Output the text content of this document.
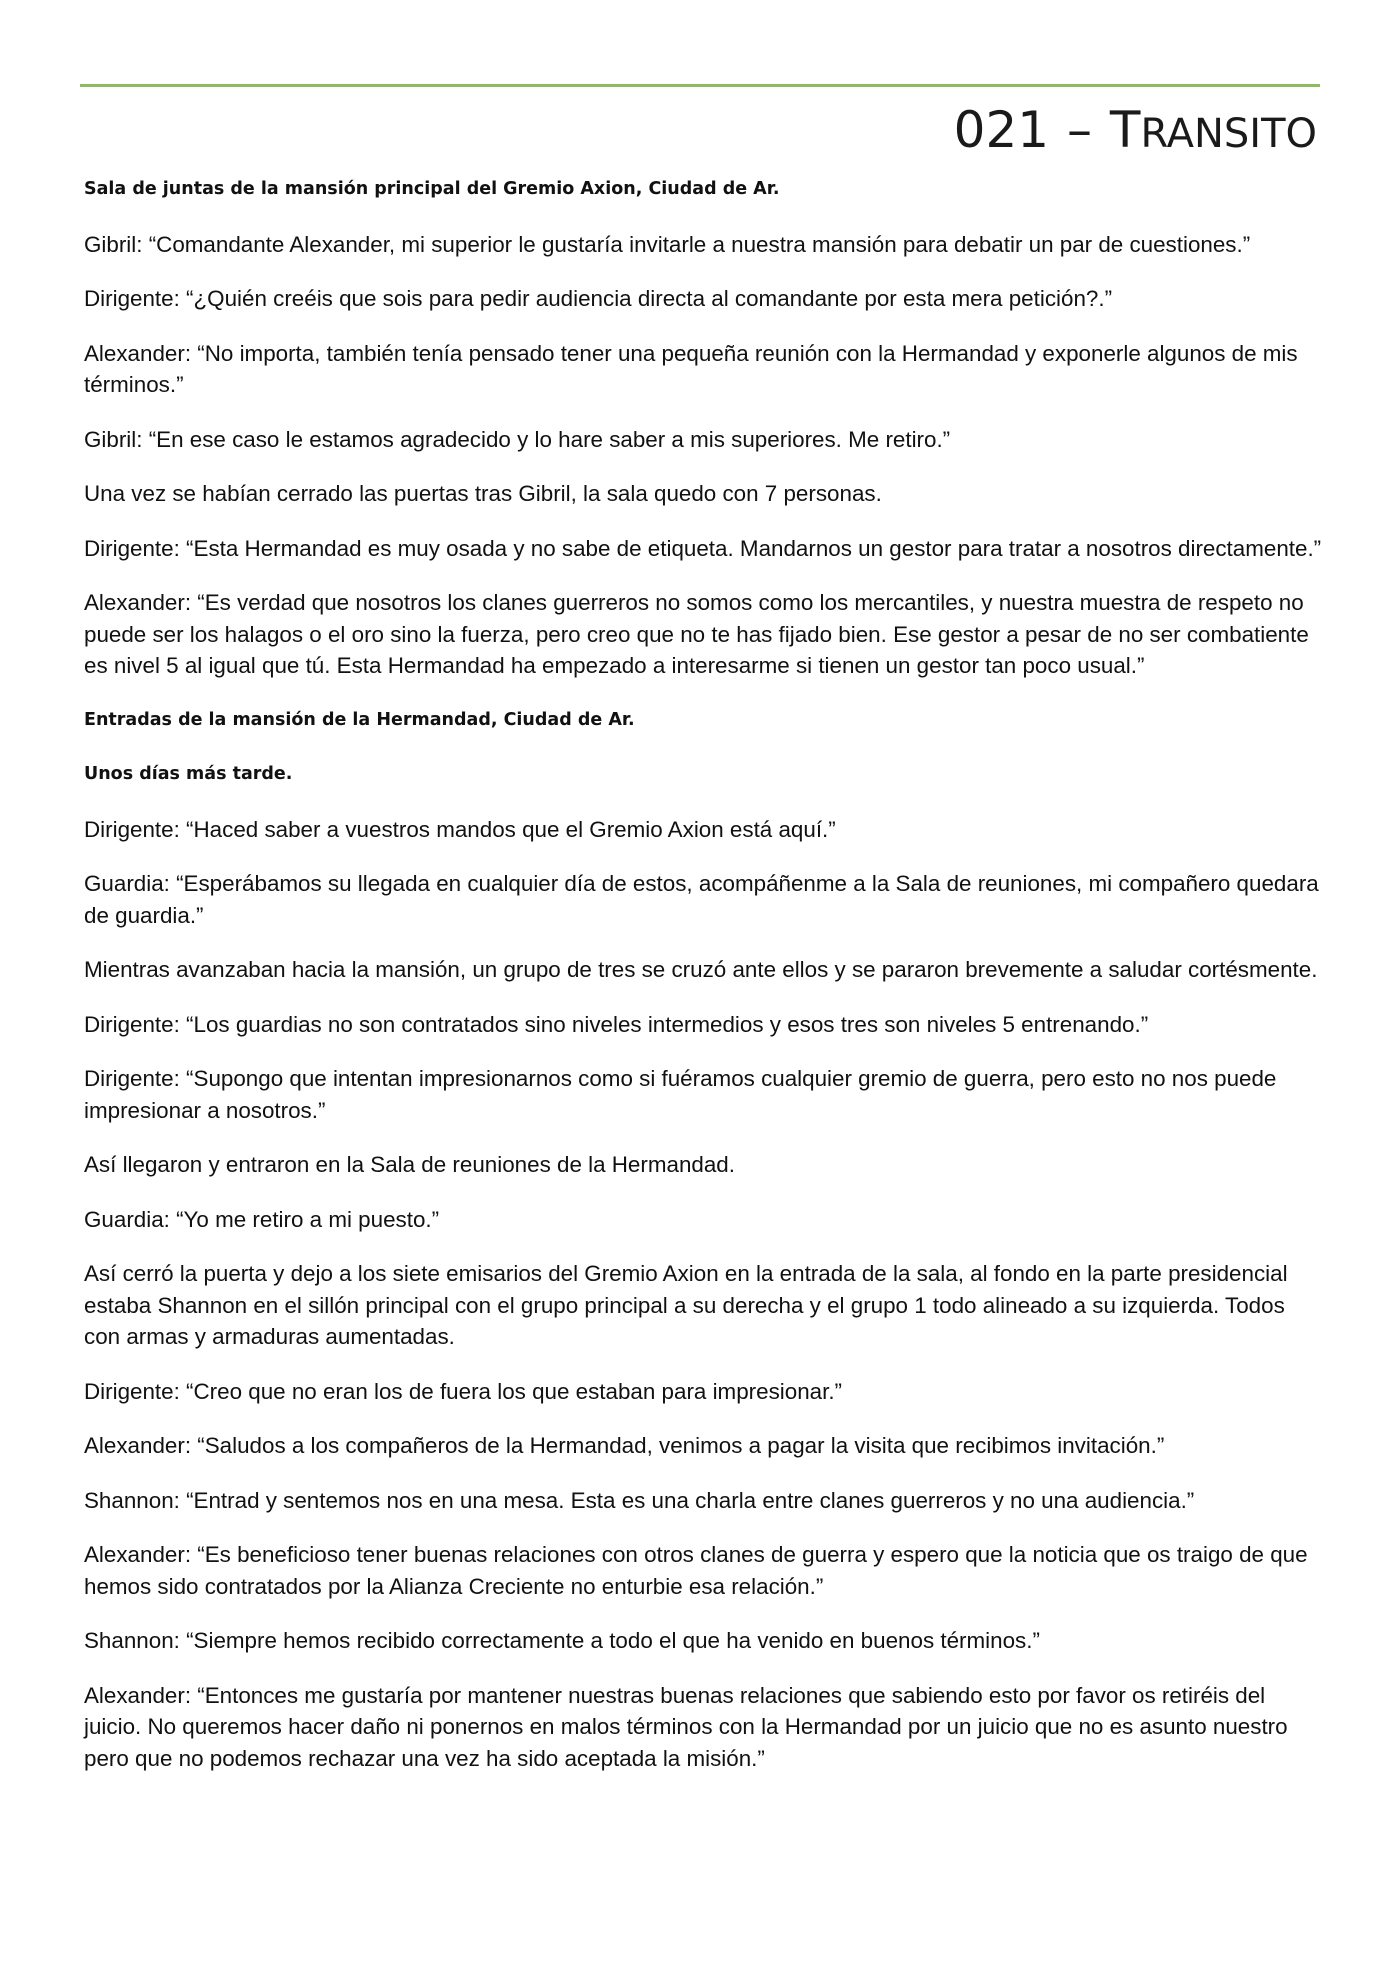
021 – TRANSITO

Sala de juntas de la mansión principal del Gremio Axion, Ciudad de Ar.

Gibril: “Comandante Alexander, mi superior le gustaría invitarle a nuestra mansión para debatir un par de cuestiones.”

Dirigente: “¿Quién creéis que sois para pedir audiencia directa al comandante por esta mera petición?.”

Alexander: “No importa, también tenía pensado tener una pequeña reunión con la Hermandad y exponerle algunos de mis términos.”

Gibril: “En ese caso le estamos agradecido y lo hare saber a mis superiores. Me retiro.”

Una vez se habían cerrado las puertas tras Gibril, la sala quedo con 7 personas.

Dirigente: “Esta Hermandad es muy osada y no sabe de etiqueta. Mandarnos un gestor para tratar a nosotros directamente.”

Alexander: “Es verdad que nosotros los clanes guerreros no somos como los mercantiles, y nuestra muestra de respeto no puede ser los halagos o el oro sino la fuerza, pero creo que no te has fijado bien. Ese gestor a pesar de no ser combatiente es nivel 5 al igual que tú. Esta Hermandad ha empezado a interesarme si tienen un gestor tan poco usual.”

Entradas de la mansión de la Hermandad, Ciudad de Ar.

Unos días más tarde.

Dirigente: “Haced saber a vuestros mandos que el Gremio Axion está aquí.”

Guardia: “Esperábamos su llegada en cualquier día de estos, acompáñenme a la Sala de reuniones, mi compañero quedara de guardia.”

Mientras avanzaban hacia la mansión, un grupo de tres se cruzó ante ellos y se pararon brevemente a saludar cortésmente.

Dirigente: “Los guardias no son contratados sino niveles intermedios y esos tres son niveles 5 entrenando.”

Dirigente: “Supongo que intentan impresionarnos como si fuéramos cualquier gremio de guerra, pero esto no nos puede impresionar a nosotros.”

Así llegaron y entraron en la Sala de reuniones de la Hermandad.

Guardia: “Yo me retiro a mi puesto.”

Así cerró la puerta y dejo a los siete emisarios del Gremio Axion en la entrada de la sala, al fondo en la parte presidencial estaba Shannon en el sillón principal con el grupo principal a su derecha y el grupo 1 todo alineado a su izquierda. Todos con armas y armaduras aumentadas.

Dirigente: “Creo que no eran los de fuera los que estaban para impresionar.”

Alexander: “Saludos a los compañeros de la Hermandad, venimos a pagar la visita que recibimos invitación.”

Shannon: “Entrad y sentemos nos en una mesa. Esta es una charla entre clanes guerreros y no una audiencia.”

Alexander: “Es beneficioso tener buenas relaciones con otros clanes de guerra y espero que la noticia que os traigo de que hemos sido contratados por la Alianza Creciente no enturbie esa relación.”

Shannon: “Siempre hemos recibido correctamente a todo el que ha venido en buenos términos.”

Alexander: “Entonces me gustaría por mantener nuestras buenas relaciones que sabiendo esto por favor os retiréis del juicio. No queremos hacer daño ni ponernos en malos términos con la Hermandad por un juicio que no es asunto nuestro pero que no podemos rechazar una vez ha sido aceptada la misión.”
